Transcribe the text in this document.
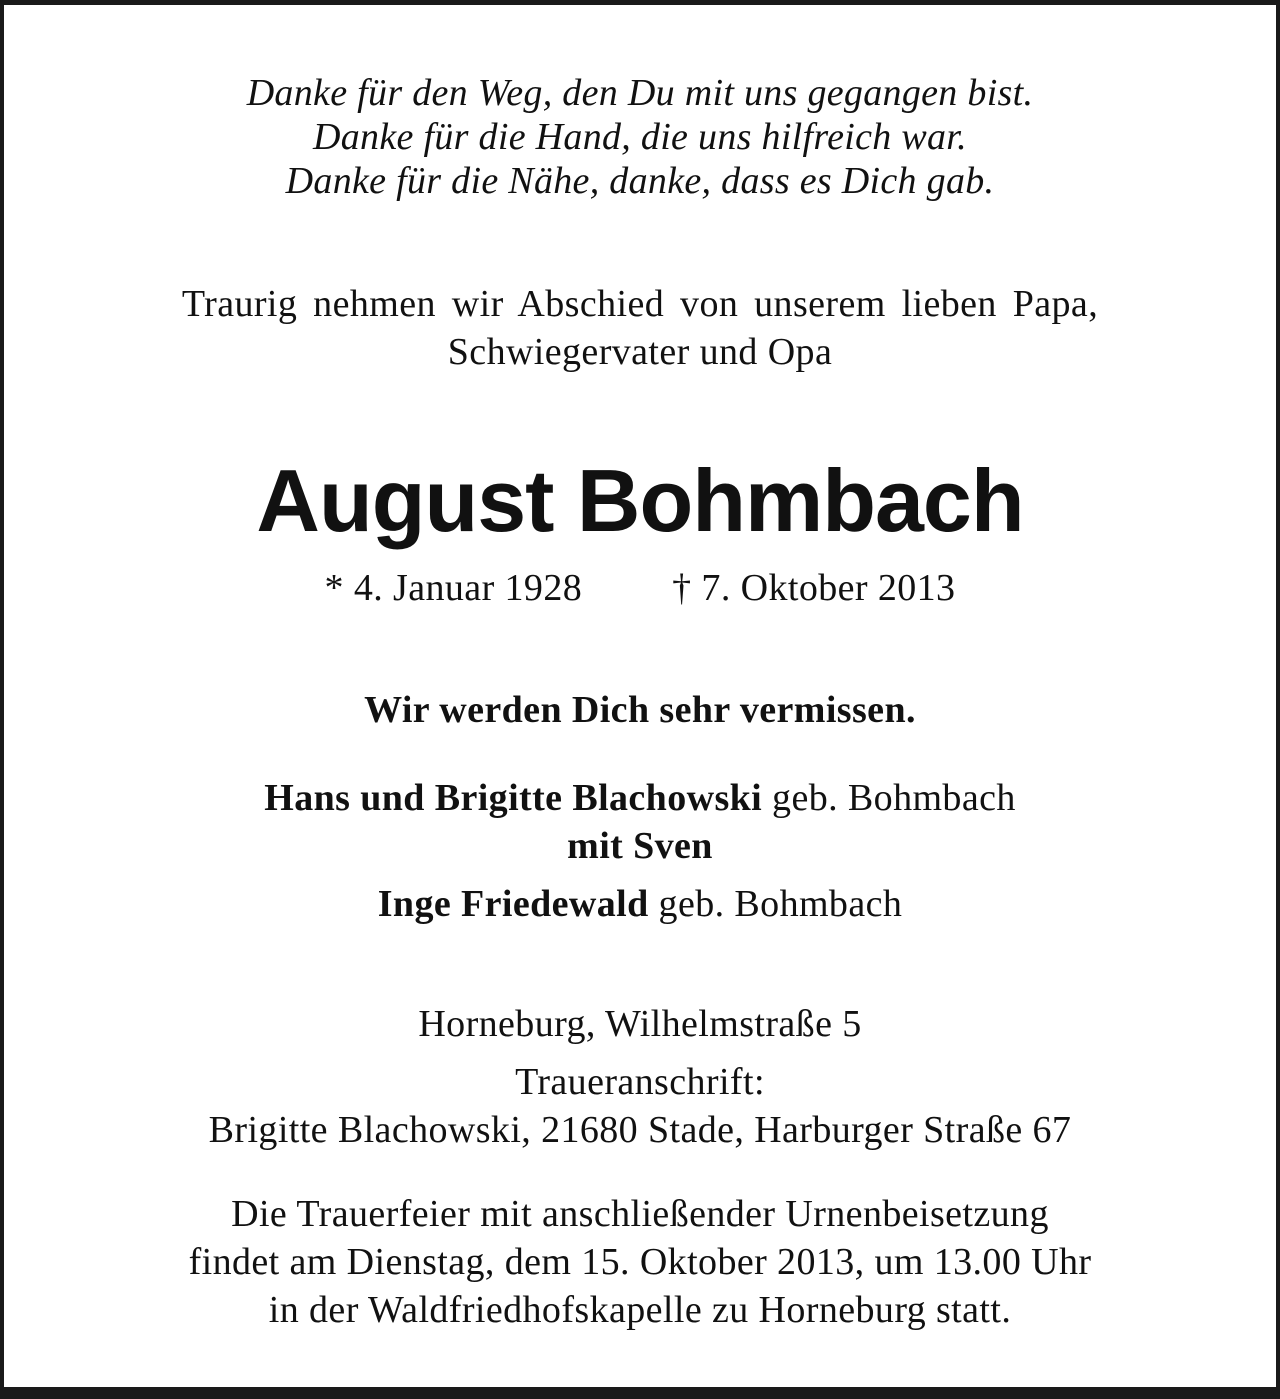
Danke für den Weg, den Du mit uns gegangen bist.
Danke für die Hand, die uns hilfreich war.
Danke für die Nähe, danke, dass es Dich gab.
Traurig nehmen wir Abschied von unserem lieben Papa,
Schwiegervater und Opa
August Bohmbach
* 4. Januar 1928 † 7. Oktober 2013
Wir werden Dich sehr vermissen.
Hans und Brigitte Blachowski geb. Bohmbach
mit Sven
Inge Friedewald geb. Bohmbach
Horneburg, Wilhelmstraße 5
Traueranschrift:
Brigitte Blachowski, 21680 Stade, Harburger Straße 67
Die Trauerfeier mit anschließender Urnenbeisetzung
findet am Dienstag, dem 15. Oktober 2013, um 13.00 Uhr
in der Waldfriedhofskapelle zu Horneburg statt.
